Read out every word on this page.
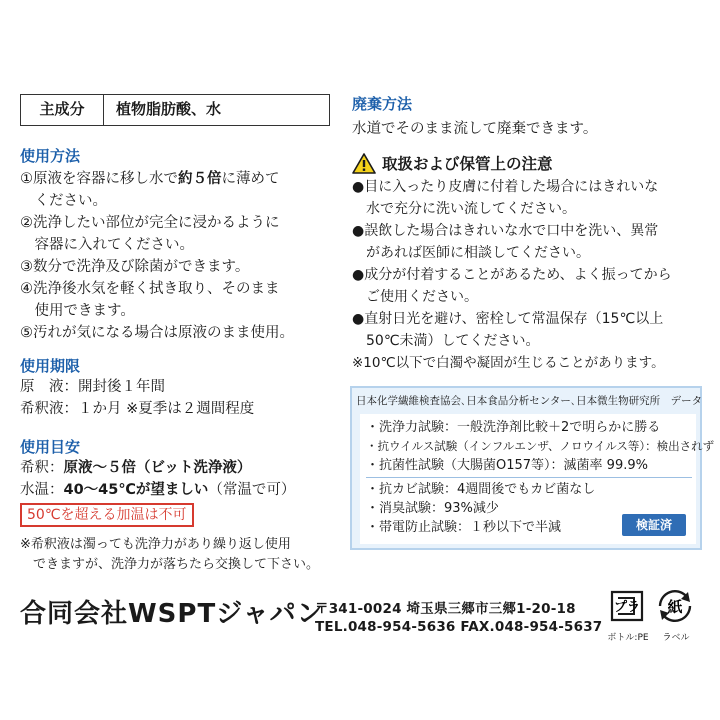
主成分	植物脂肪酸、水
使用方法
①原液を容器に移し水で約５倍に薄めて
　ください。
②洗浄したい部位が完全に浸かるように
　容器に入れてください。
③数分で洗浄及び除菌ができます。
④洗浄後水気を軽く拭き取り、そのまま
　使用できます。
⑤汚れが気になる場合は原液のまま使用。
使用期限
原　液：開封後１年間
希釈液：１か月 ※夏季は２週間程度
使用目安
希釈：原液～５倍（ビット洗浄液）
水温：40～45℃が望ましい（常温で可）
50℃を超える加温は不可
※希釈液は濁っても洗浄力があり繰り返し使用
　できますが、洗浄力が落ちたら交換して下さい。
廃棄方法
水道でそのまま流して廃棄できます。
取扱および保管上の注意
●目に入ったり皮膚に付着した場合にはきれいな
　水で充分に洗い流してください。
●誤飲した場合はきれいな水で口中を洗い、異常
　があれば医師に相談してください。
●成分が付着することがあるため、よく振ってから
　ご使用ください。
●直射日光を避け、密栓して常温保存（15℃以上
　50℃未満）してください。
※10℃以下で白濁や凝固が生じることがあります。
日本化学繊維検査協会､日本食品分析センター､日本微生物研究所　データ
・洗浄力試験：一般洗浄剤比較＋2で明らかに勝る
・抗ウイルス試験（インフルエンザ、ノロウイルス等）：検出されず
・抗菌性試験（大腸菌O157等）：滅菌率 99.9%
・抗カビ試験：4週間後でもカビ菌なし
・消臭試験：93%減少
・帯電防止試験：１秒以下で半減	検証済
合同会社WSPTジャパン
〒341-0024 埼玉県三郷市三郷1-20-18
TEL.048-954-5636 FAX.048-954-5637
プラ
ボトル:PE
紙
ラベル
